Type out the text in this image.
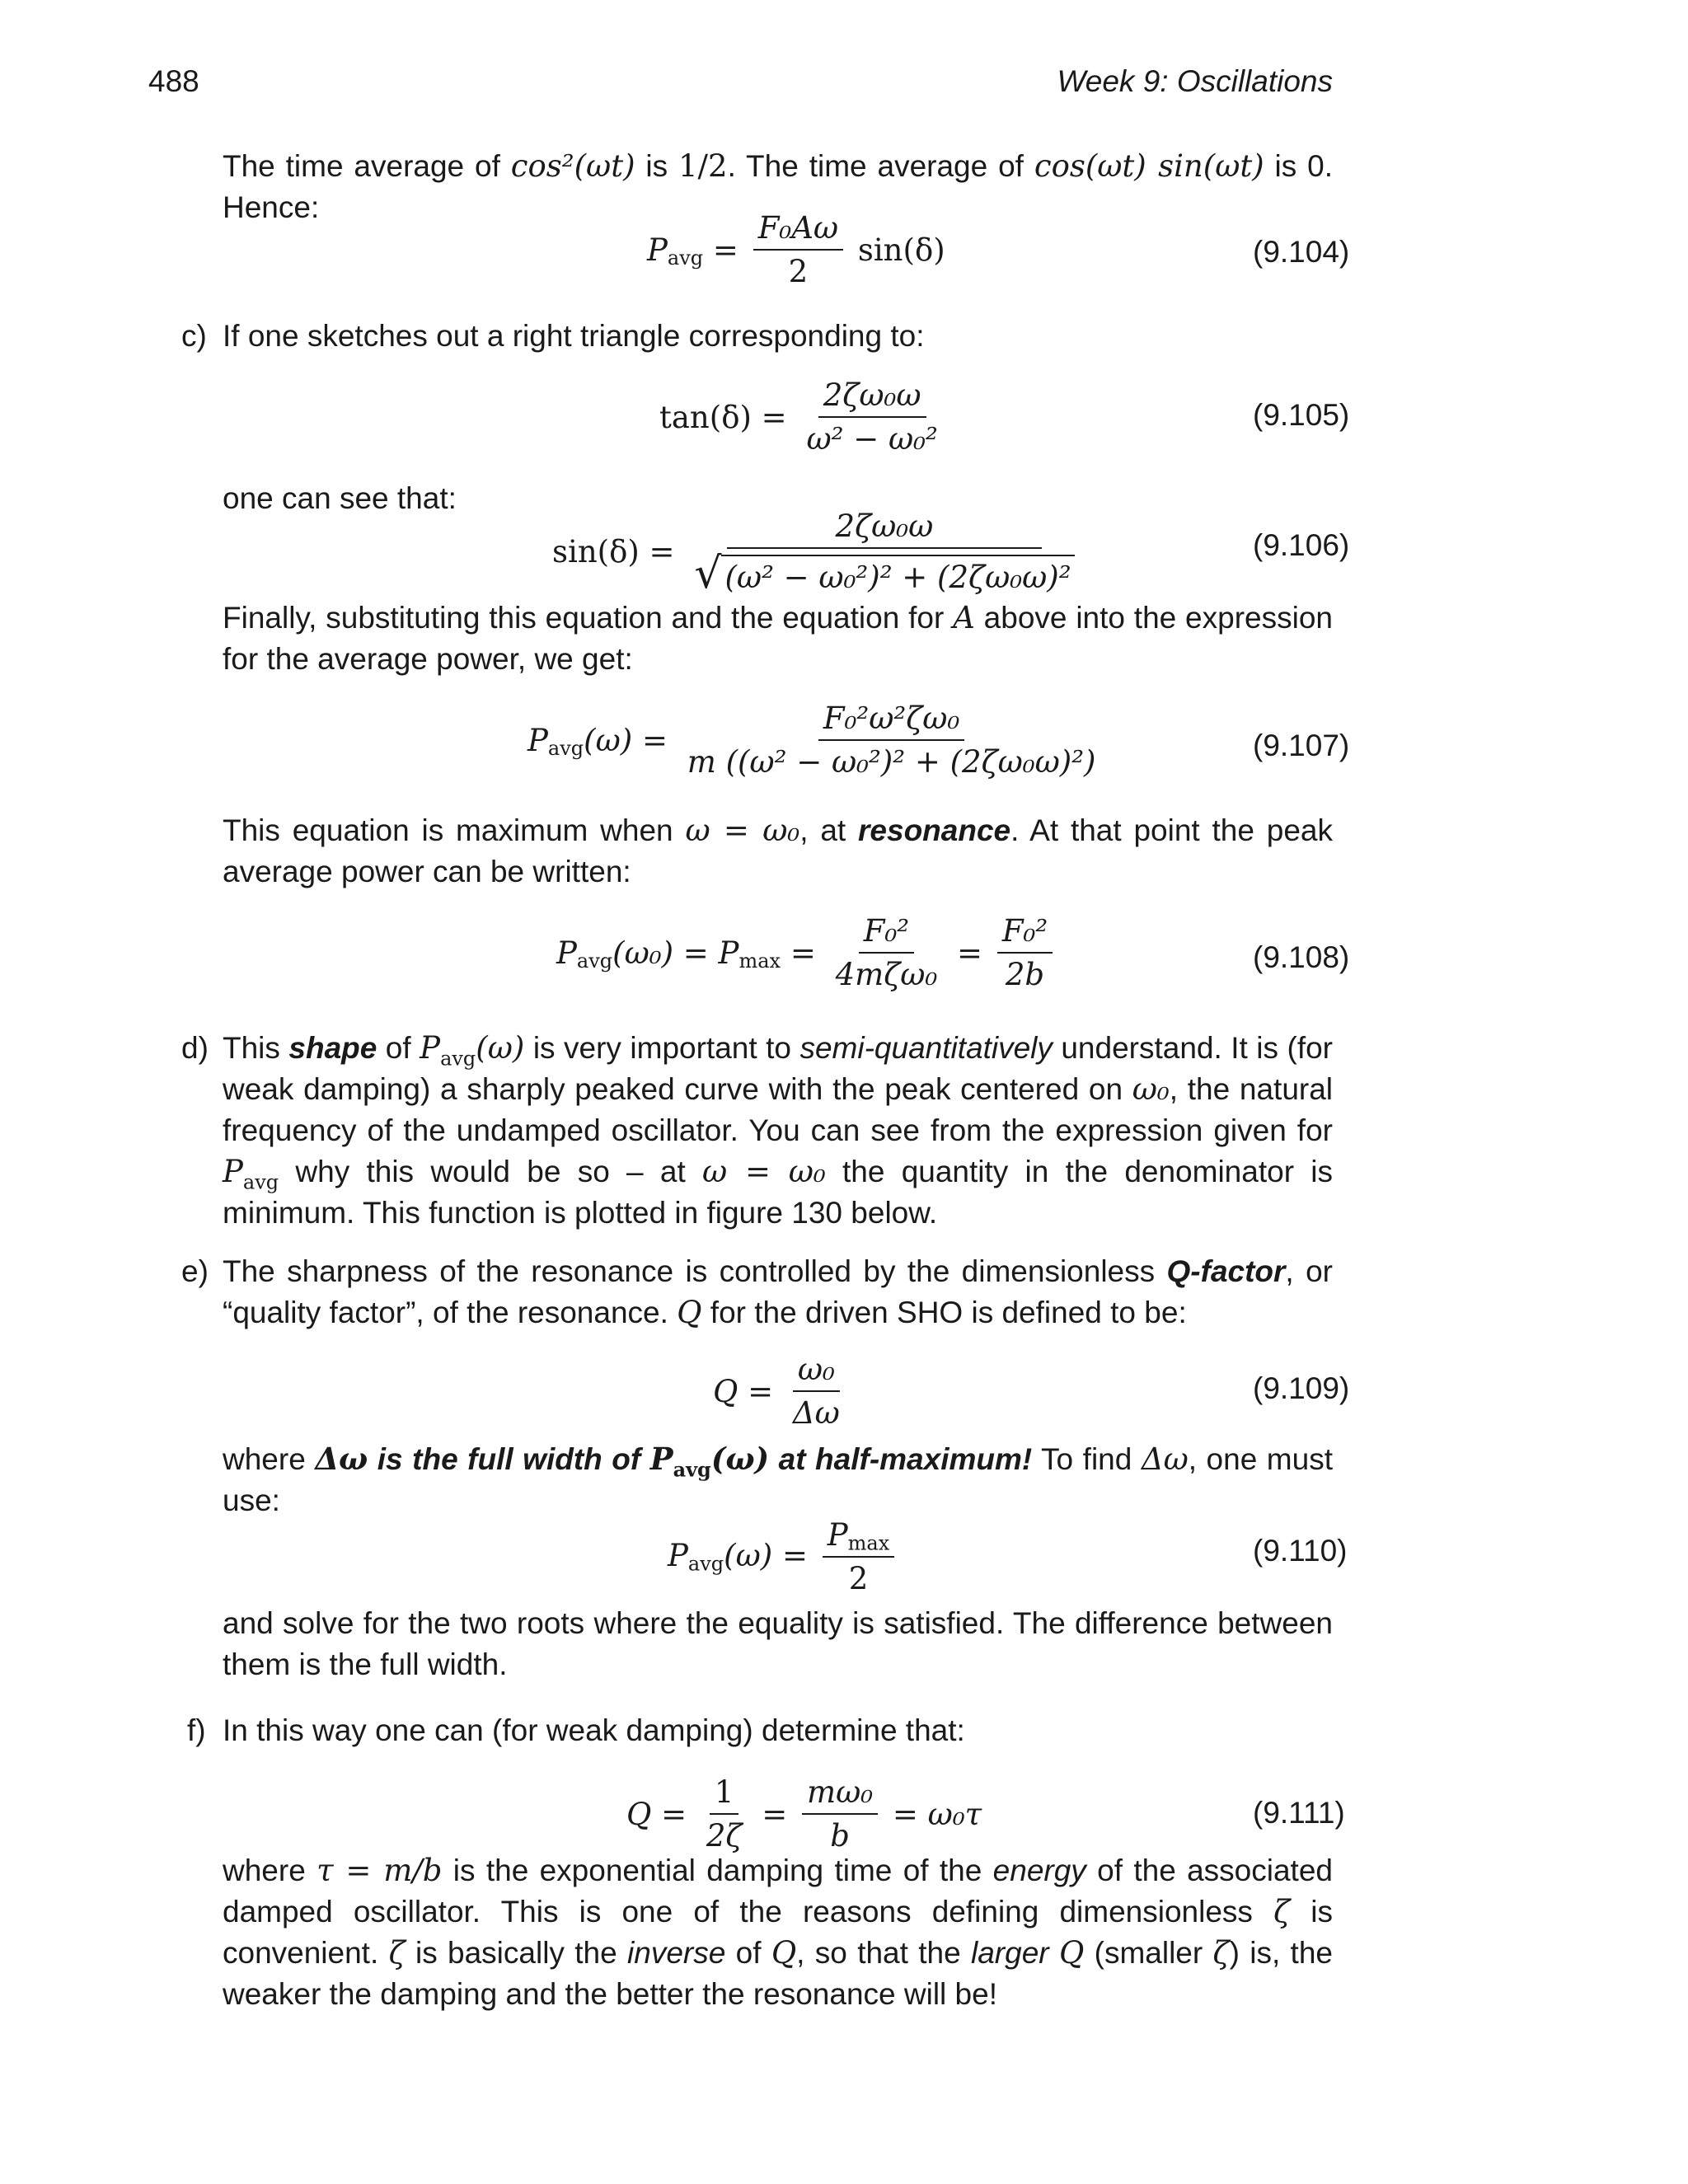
488	Week 9: Oscillations
The time average of cos²(ωt) is 1/2. The time average of cos(ωt) sin(ωt) is 0. Hence:
$P_{avg} = \frac{\text{F₀Aω}}{2} \sin(\delta)$	(9.104)
c) If one sketches out a right triangle corresponding to:
$\tan(\delta) = \frac{\text{2ζω₀ω}}{\text{ω² − ω₀²}}$	(9.105)
one can see that:
$\sin(\delta) = \frac{\text{2ζω₀ω}}{\text{√ (ω² − ω₀²)² + (2ζω₀ω)²}}$	(9.106)
Finally, substituting this equation and the equation for A above into the expression for the average power, we get:
$P_{avg}(\omega) = \frac{\text{F₀²ω²ζω₀}}{\text{m ((ω² − ω₀²)² + (2ζω₀ω)²)}}$	(9.107)
This equation is maximum when ω = ω₀, at resonance. At that point the peak average power can be written:
$P_{avg}(\omega_0) = P_{max} = \frac{\text{F₀²}}{\text{4mζω₀}} = \frac{\text{F₀²}}{2b}$	(9.108)
d) This shape of $P_{avg}(\omega)$ is very important to semi-quantitatively understand. It is (for weak damping) a sharply peaked curve with the peak centered on ω₀, the natural frequency of the undamped oscillator. You can see from the expression given for $P_{avg}$ why this would be so – at ω = ω₀ the quantity in the denominator is minimum. This function is plotted in figure 130 below.
e) The sharpness of the resonance is controlled by the dimensionless Q-factor, or “quality factor”, of the resonance. Q for the driven SHO is defined to be:
$Q = \frac{\text{ω₀}}{\Delta\omega}$	(9.109)
where Δω is the full width of $P_{avg}(\omega)$ at half-maximum! To find Δω, one must use:
$P_{avg}(\omega) = \frac{P_{max}}{2}$	(9.110)
and solve for the two roots where the equality is satisfied. The difference between them is the full width.
f) In this way one can (for weak damping) determine that:
$Q = \frac{1}{2\zeta} = \frac{\text{mω₀}}{b} = \omega_0\tau$	(9.111)
where τ = m/b is the exponential damping time of the energy of the associated damped oscillator. This is one of the reasons defining dimensionless ζ is convenient. ζ is basically the inverse of Q, so that the larger Q (smaller ζ) is, the weaker the damping and the better the resonance will be!
